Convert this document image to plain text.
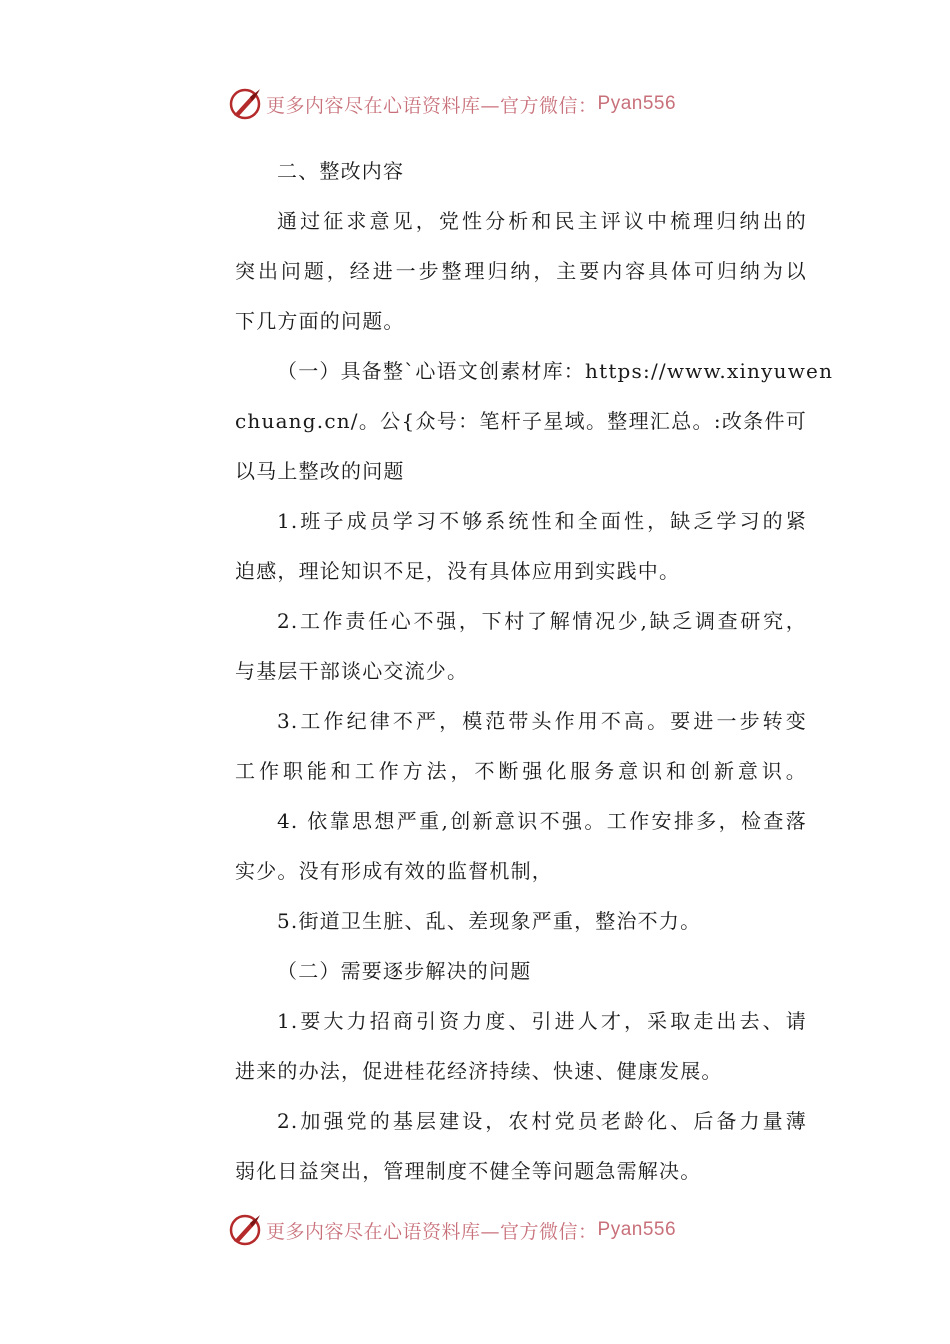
更多内容尽在心语资料库—官方微信： Pyan556
二、整改内容
通过征求意见，党性分析和民主评议中梳理归纳出的
突出问题，经进一步整理归纳，主要内容具体可归纳为以
下几方面的问题。
（一）具备整`心语文创素材库：https://www.xinyuwen
chuang.cn/。公{众号：笔杆子星域。整理汇总。:改条件可
以马上整改的问题
1.班子成员学习不够系统性和全面性，缺乏学习的紧
迫感，理论知识不足，没有具体应用到实践中。
2.工作责任心不强，下村了解情况少,缺乏调查研究，
与基层干部谈心交流少。
3.工作纪律不严，模范带头作用不高。要进一步转变
工作职能和工作方法，不断强化服务意识和创新意识。
4. 依靠思想严重,创新意识不强。工作安排多，检查落
实少。没有形成有效的监督机制，
5.街道卫生脏、乱、差现象严重，整治不力。
（二）需要逐步解决的问题
1.要大力招商引资力度、引进人才，采取走出去、请
进来的办法，促进桂花经济持续、快速、健康发展。
2.加强党的基层建设，农村党员老龄化、后备力量薄
弱化日益突出，管理制度不健全等问题急需解决。
更多内容尽在心语资料库—官方微信： Pyan556
